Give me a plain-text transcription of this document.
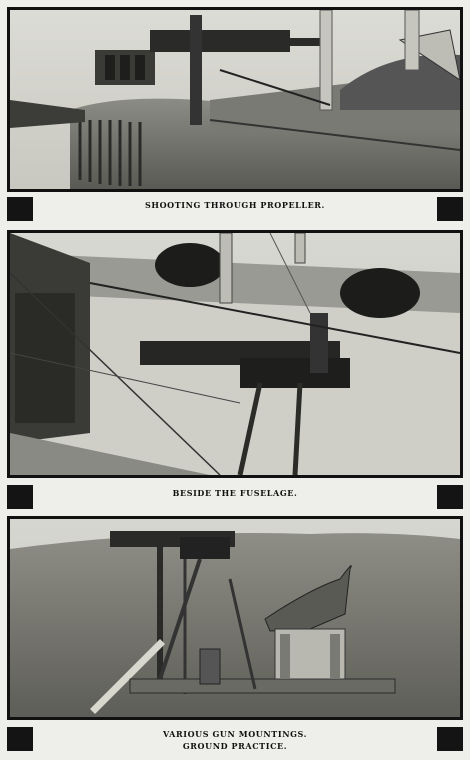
SHOOTING THROUGH PROPELLER.
BESIDE THE FUSELAGE.
VARIOUS GUN MOUNTINGS.
GROUND PRACTICE.
